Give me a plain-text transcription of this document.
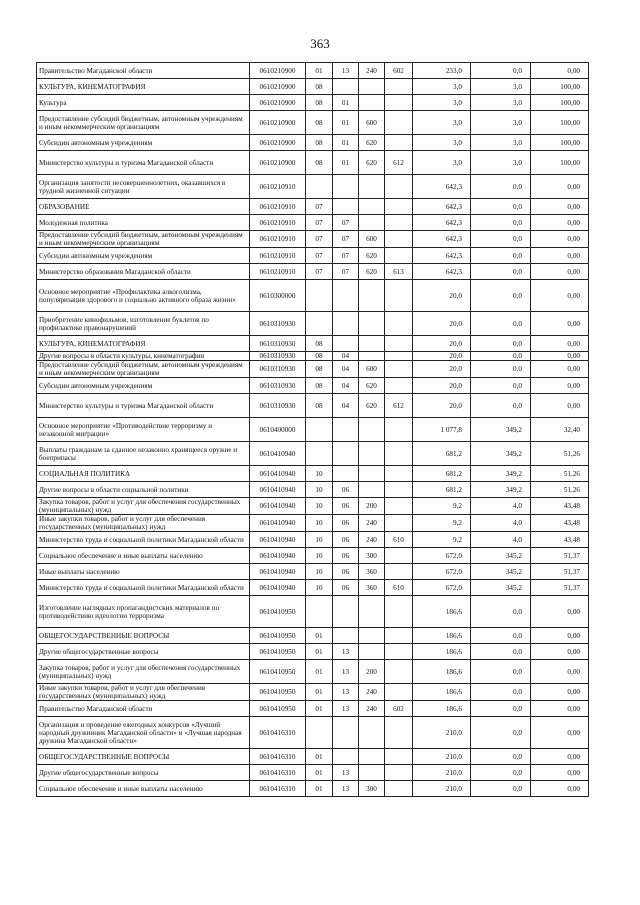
363
Правительство Магаданской области	0610210900	01	13	240	602	233,0	0,0	0,00
КУЛЬТУРА, КИНЕМАТОГРАФИЯ	0610210900	08				3,0	3,0	100,00
Культура	0610210900	08	01			3,0	3,0	100,00
Предоставление субсидий бюджетным, автономным учреждениям и иным некоммерческим организациям	0610210900	08	01	600		3,0	3,0	100,00
Субсидии автономным учреждениям	0610210900	08	01	620		3,0	3,0	100,00
Министерство культуры и туризма Магаданской области	0610210900	08	01	620	612	3,0	3,0	100,00
Организация занятости несовершеннолетних, оказавшихся в трудной жизненной ситуации	0610210910					642,3	0,0	0,00
ОБРАЗОВАНИЕ	0610210910	07				642,3	0,0	0,00
Молодежная политика	0610210910	07	07			642,3	0,0	0,00
Предоставление субсидий бюджетным, автономным учреждениям и иным некоммерческим организациям	0610210910	07	07	600		642,3	0,0	0,00
Субсидии автономным учреждениям	0610210910	07	07	620		642,3	0,0	0,00
Министерство образования Магаданской области	0610210910	07	07	620	613	642,3	0,0	0,00
Основное мероприятие «Профилактика алкоголизма, популяризация здорового и социально активного образа жизни»	0610300000					20,0	0,0	0,00
Приобретение кинофильмов, изготовление буклетов по профилактике правонарушений	0610310930					20,0	0,0	0,00
КУЛЬТУРА, КИНЕМАТОГРАФИЯ	0610310930	08				20,0	0,0	0,00
Другие вопросы в области культуры, кинематографии	0610310930	08	04			20,0	0,0	0,00
Предоставление субсидий бюджетным, автономным учреждениям и иным некоммерческим организациям	0610310930	08	04	600		20,0	0,0	0,00
Субсидии автономным учреждениям	0610310930	08	04	620		20,0	0,0	0,00
Министерство культуры и туризма Магаданской области	0610310930	08	04	620	612	20,0	0,0	0,00
Основное мероприятие «Противодействие терроризму и незаконной миграции»	0610400000					1 077,8	349,2	32,40
Выплаты гражданам за сданное незаконно хранящееся оружие и боеприпасы	0610410940					681,2	349,2	51,26
СОЦИАЛЬНАЯ ПОЛИТИКА	0610410940	10				681,2	349,2	51,26
Другие вопросы в области социальной политики	0610410940	10	06			681,2	349,2	51,26
Закупка товаров, работ и услуг для обеспечения государственных (муниципальных) нужд	0610410940	10	06	200		9,2	4,0	43,48
Иные закупки товаров, работ и услуг для обеспечения государственных (муниципальных) нужд	0610410940	10	06	240		9,2	4,0	43,48
Министерство труда и социальной политики Магаданской области	0610410940	10	06	240	610	9,2	4,0	43,48
Социальное обеспечение и иные выплаты населению	0610410940	10	06	300		672,0	345,2	51,37
Иные выплаты населению	0610410940	10	06	360		672,0	345,2	51,37
Министерство труда и социальной политики Магаданской области	0610410940	10	06	360	610	672,0	345,2	51,37
Изготовление наглядных пропагандистских материалов по противодействию идеологии терроризма	0610410950					186,6	0,0	0,00
ОБЩЕГОСУДАРСТВЕННЫЕ ВОПРОСЫ	0610410950	01				186,6	0,0	0,00
Другие общегосударственные вопросы	0610410950	01	13			186,6	0,0	0,00
Закупка товаров, работ и услуг для обеспечения государственных (муниципальных) нужд	0610410950	01	13	200		186,6	0,0	0,00
Иные закупки товаров, работ и услуг для обеспечения государственных (муниципальных) нужд	0610410950	01	13	240		186,6	0,0	0,00
Правительство Магаданской области	0610410950	01	13	240	602	186,6	0,0	0,00
Организация и проведение ежегодных конкурсов «Лучший народный дружинник Магаданской области» и «Лучшая народная дружина Магаданской области»	0610416310					210,0	0,0	0,00
ОБЩЕГОСУДАРСТВЕННЫЕ ВОПРОСЫ	0610416310	01				210,0	0,0	0,00
Другие общегосударственные вопросы	0610416310	01	13			210,0	0,0	0,00
Социальное обеспечение и иные выплаты населению	0610416310	01	13	300		210,0	0,0	0,00
